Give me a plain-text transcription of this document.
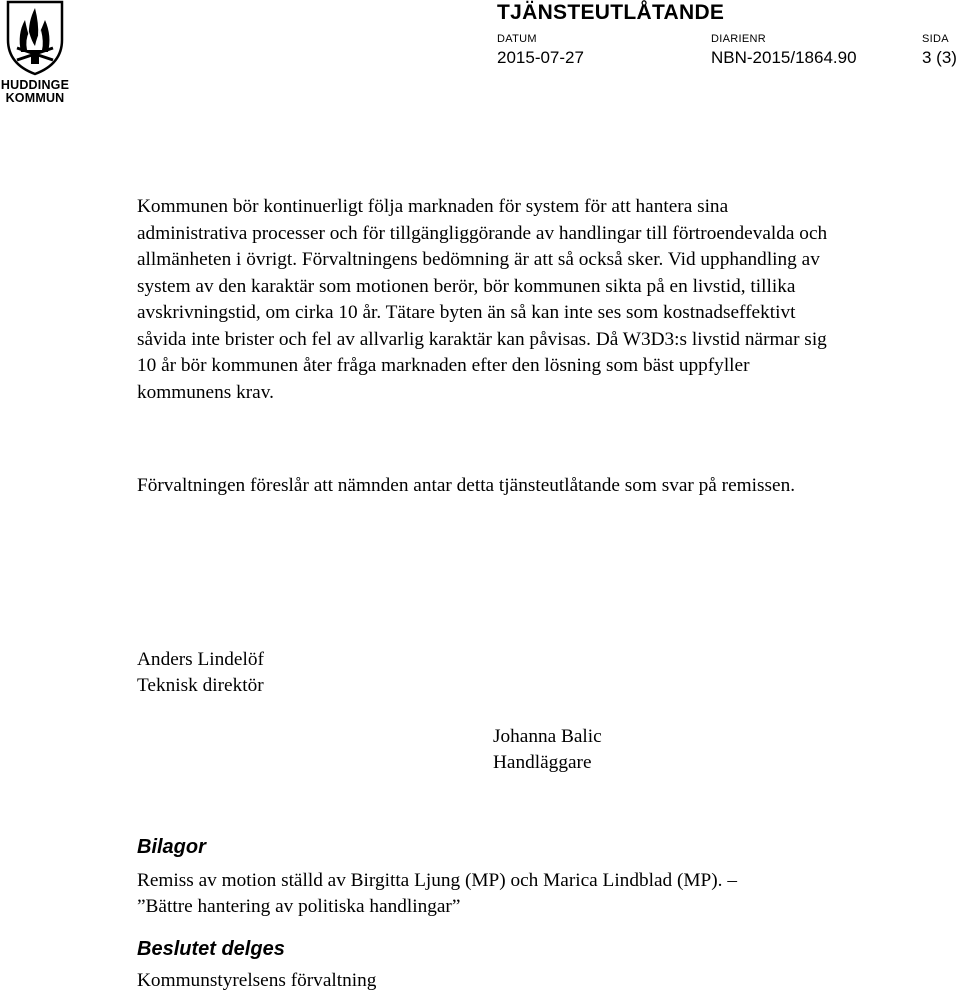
HUDDINGE
KOMMUN
TJÄNSTEUTLÅTANDE
DATUM	DIARIENR	SIDA
2015-07-27	NBN-2015/1864.90	3 (3)

Kommunen bör kontinuerligt följa marknaden för system för att hantera sina administrativa processer och för tillgängliggörande av handlingar till förtroendevalda och allmänheten i övrigt. Förvaltningens bedömning är att så också sker. Vid upphandling av system av den karaktär som motionen berör, bör kommunen sikta på en livstid, tillika avskrivningstid, om cirka 10 år. Tätare byten än så kan inte ses som kostnadseffektivt såvida inte brister och fel av allvarlig karaktär kan påvisas. Då W3D3:s livstid närmar sig 10 år bör kommunen åter fråga marknaden efter den lösning som bäst uppfyller kommunens krav.

Förvaltningen föreslår att nämnden antar detta tjänsteutlåtande som svar på remissen.

Anders Lindelöf
Teknisk direktör
Johanna Balic
Handläggare
Bilagor
Remiss av motion ställd av Birgitta Ljung (MP) och Marica Lindblad (MP). –
”Bättre hantering av politiska handlingar”
Beslutet delges
Kommunstyrelsens förvaltning
